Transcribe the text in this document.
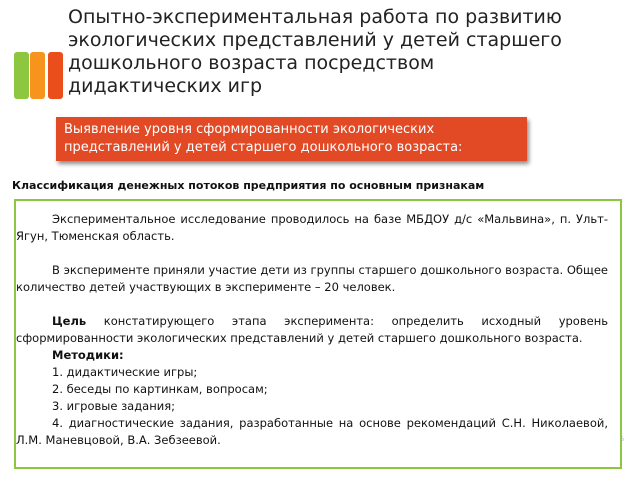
Опытно-экспериментальная работа по развитию экологических представлений у детей старшего дошкольного возраста посредством дидактических игр
Выявление уровня сформированности экологических представлений у детей старшего дошкольного возраста:
Классификация денежных потоков предприятия по основным признакам

Экспериментальное исследование проводилось на базе МБДОУ д/с «Мальвина», п. Ульт-Ягун, Тюменская область.

В эксперименте приняли участие дети из группы старшего дошкольного возраста. Общее количество детей участвующих в эксперименте – 20 человек.

Цель констатирующего этапа эксперимента: определить исходный уровень сформированности экологических представлений у детей старшего дошкольного возраста.

Методики:
1. дидактические игры;
2. беседы по картинкам, вопросам;
3. игровые задания;
4. диагностические задания, разработанные на основе рекомендаций С.Н. Николаевой, Л.М. Маневцовой, В.А. Зебзеевой.	6
